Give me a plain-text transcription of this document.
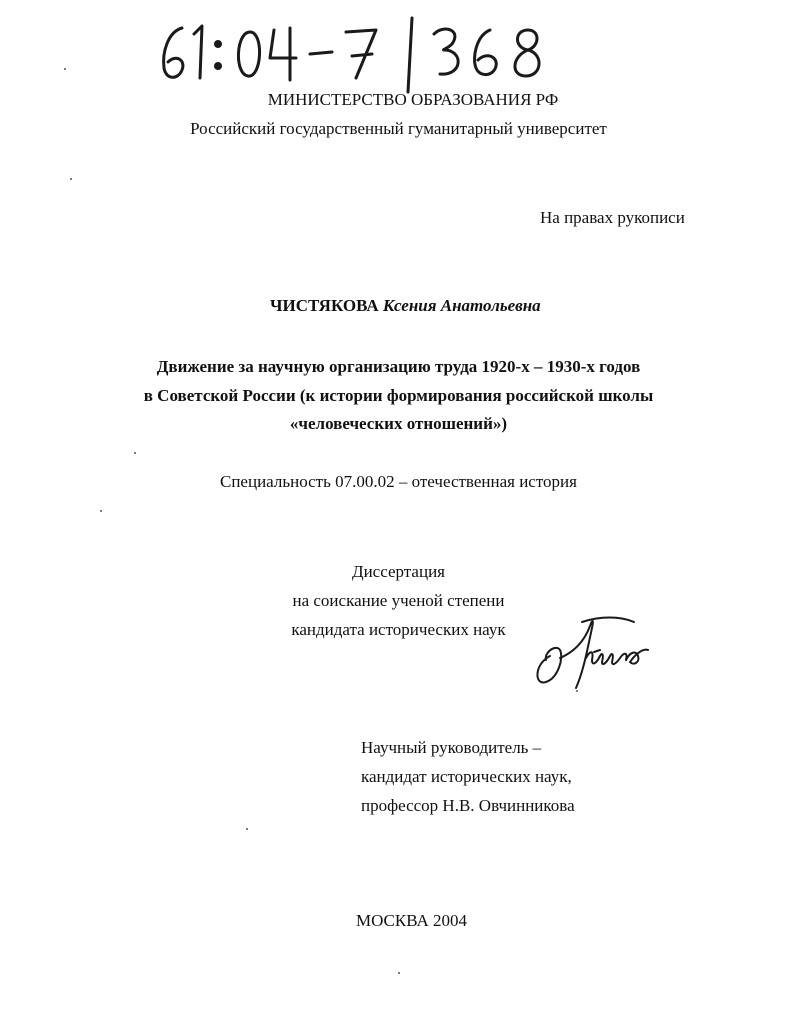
МИНИСТЕРСТВО ОБРАЗОВАНИЯ РФ
Российский государственный гуманитарный университет
На правах рукописи
ЧИСТЯКОВА Ксения Анатольевна
Движение за научную организацию труда 1920-х – 1930-х годов
в Советской России (к истории формирования российской школы
«человеческих отношений»)
Специальность 07.00.02 – отечественная история
Диссертация
на соискание ученой степени
кандидата исторических наук
Научный руководитель –
кандидат исторических наук,
профессор Н.В. Овчинникова
МОСКВА 2004
